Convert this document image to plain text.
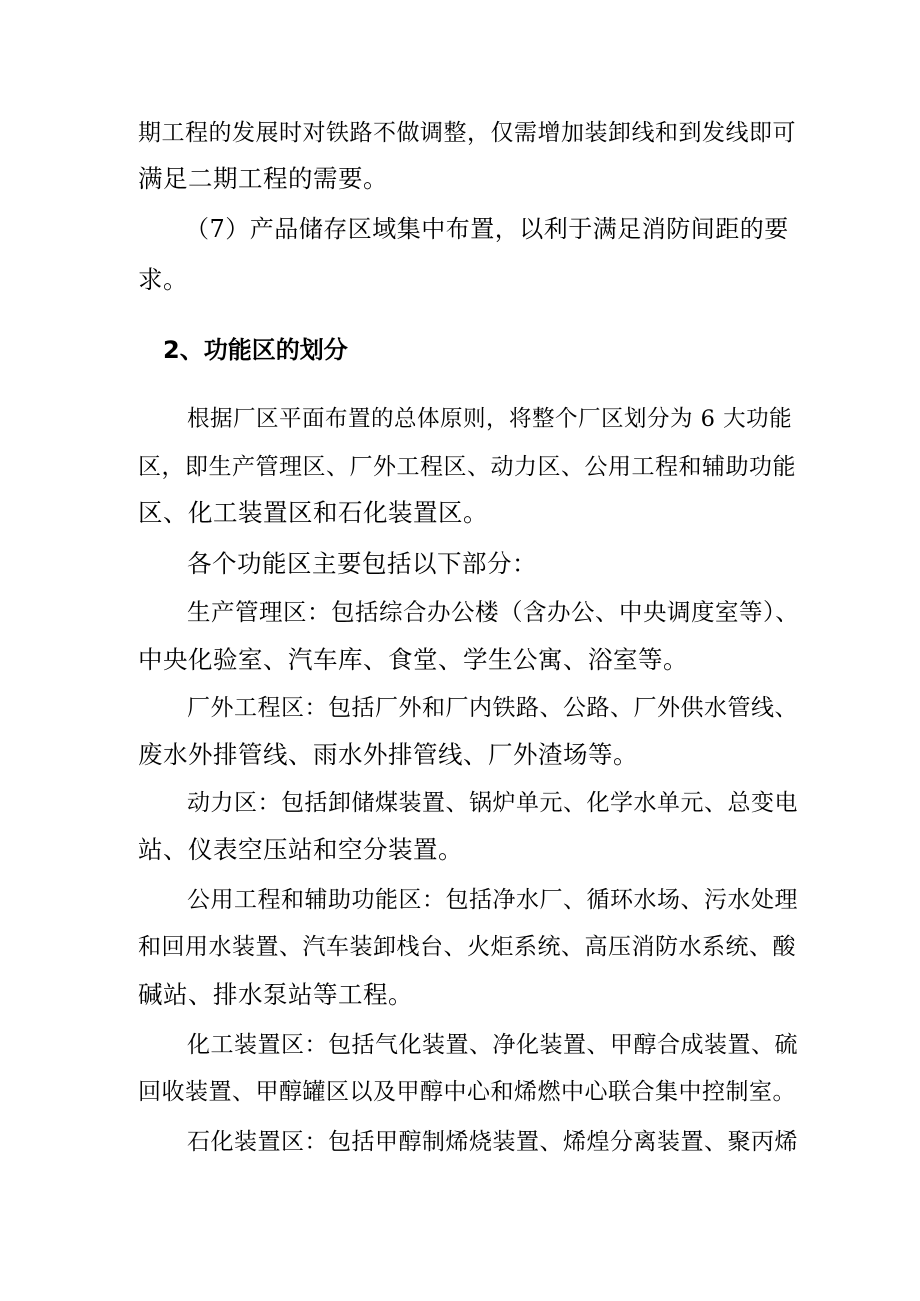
期工程的发展时对铁路不做调整，仅需增加装卸线和到发线即可
满足二期工程的需要。
（7）产品储存区域集中布置，以利于满足消防间距的要
求。
2、功能区的划分
根据厂区平面布置的总体原则，将整个厂区划分为 6 大功能
区，即生产管理区、厂外工程区、动力区、公用工程和辅助功能
区、化工装置区和石化装置区。
各个功能区主要包括以下部分：
生产管理区：包括综合办公楼（含办公、中央调度室等）、
中央化验室、汽车库、食堂、学生公寓、浴室等。
厂外工程区：包括厂外和厂内铁路、公路、厂外供水管线、
废水外排管线、雨水外排管线、厂外渣场等。
动力区：包括卸储煤装置、锅炉单元、化学水单元、总变电
站、仪表空压站和空分装置。
公用工程和辅助功能区：包括净水厂、循环水场、污水处理
和回用水装置、汽车装卸栈台、火炬系统、高压消防水系统、酸
碱站、排水泵站等工程。
化工装置区：包括气化装置、净化装置、甲醇合成装置、硫
回收装置、甲醇罐区以及甲醇中心和烯燃中心联合集中控制室。
石化装置区：包括甲醇制烯烧装置、烯煌分离装置、聚丙烯
